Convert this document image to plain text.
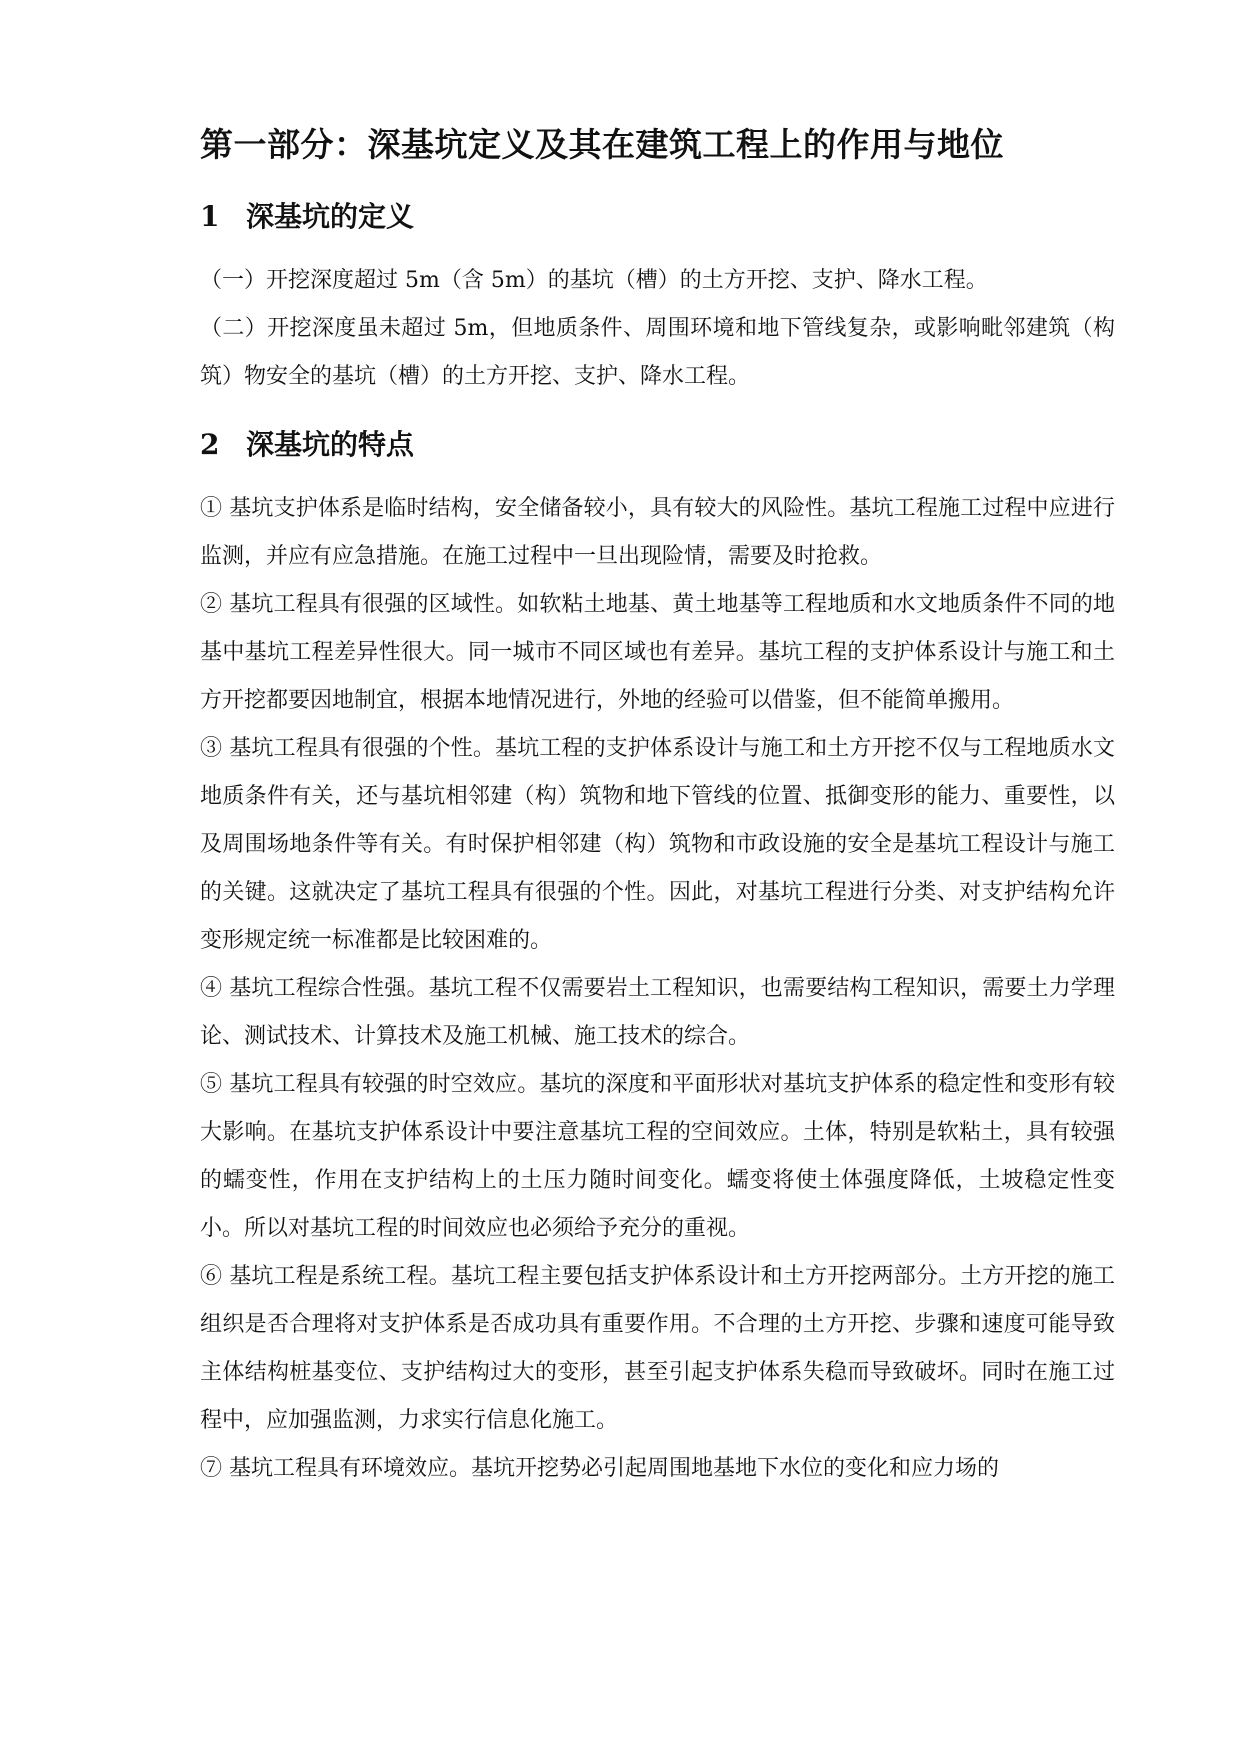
第一部分：深基坑定义及其在建筑工程上的作用与地位
1 深基坑的定义

（一）开挖深度超过 5m（含 5m）的基坑（槽）的土方开挖、支护、降水工程。

（二）开挖深度虽未超过 5m，但地质条件、周围环境和地下管线复杂，或影响毗邻建筑（构筑）物安全的基坑（槽）的土方开挖、支护、降水工程。

2 深基坑的特点

① 基坑支护体系是临时结构，安全储备较小，具有较大的风险性。基坑工程施工过程中应进行监测，并应有应急措施。在施工过程中一旦出现险情，需要及时抢救。

② 基坑工程具有很强的区域性。如软粘土地基、黄土地基等工程地质和水文地质条件不同的地基中基坑工程差异性很大。同一城市不同区域也有差异。基坑工程的支护体系设计与施工和土方开挖都要因地制宜，根据本地情况进行，外地的经验可以借鉴，但不能简单搬用。

③ 基坑工程具有很强的个性。基坑工程的支护体系设计与施工和土方开挖不仅与工程地质水文地质条件有关，还与基坑相邻建（构）筑物和地下管线的位置、抵御变形的能力、重要性，以及周围场地条件等有关。有时保护相邻建（构）筑物和市政设施的安全是基坑工程设计与施工的关键。这就决定了基坑工程具有很强的个性。因此，对基坑工程进行分类、对支护结构允许变形规定统一标准都是比较困难的。

④ 基坑工程综合性强。基坑工程不仅需要岩土工程知识，也需要结构工程知识，需要土力学理论、测试技术、计算技术及施工机械、施工技术的综合。

⑤ 基坑工程具有较强的时空效应。基坑的深度和平面形状对基坑支护体系的稳定性和变形有较大影响。在基坑支护体系设计中要注意基坑工程的空间效应。土体，特别是软粘土，具有较强的蠕变性，作用在支护结构上的土压力随时间变化。蠕变将使土体强度降低，土坡稳定性变小。所以对基坑工程的时间效应也必须给予充分的重视。

⑥ 基坑工程是系统工程。基坑工程主要包括支护体系设计和土方开挖两部分。土方开挖的施工组织是否合理将对支护体系是否成功具有重要作用。不合理的土方开挖、步骤和速度可能导致主体结构桩基变位、支护结构过大的变形，甚至引起支护体系失稳而导致破坏。同时在施工过程中，应加强监测，力求实行信息化施工。

⑦ 基坑工程具有环境效应。基坑开挖势必引起周围地基地下水位的变化和应力场的
